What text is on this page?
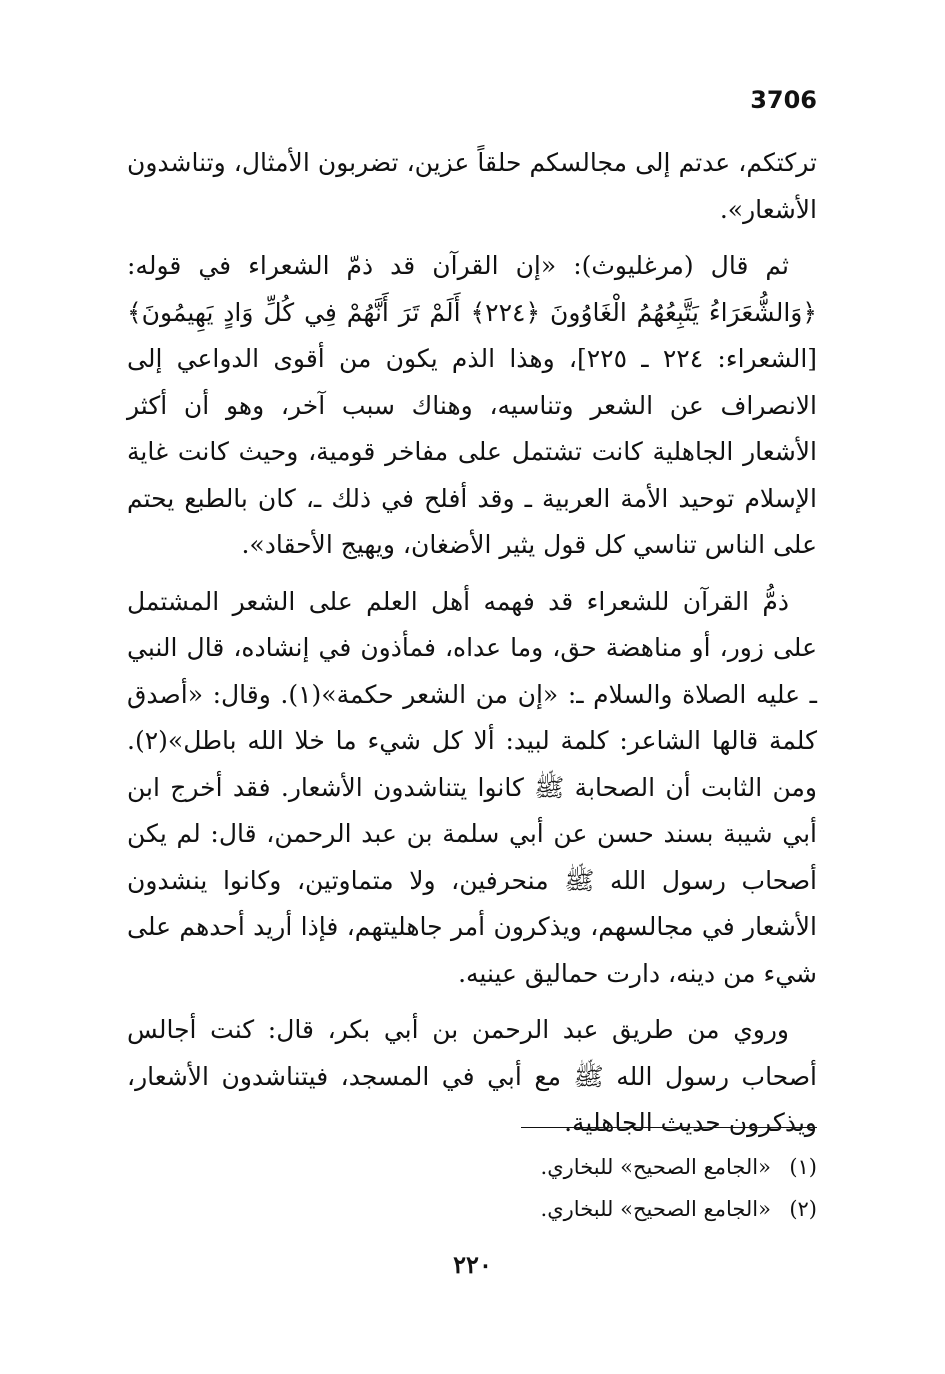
3706

تركتكم، عدتم إلى مجالسكم حلقاً عزين، تضربون الأمثال، وتناشدون الأشعار».

ثم قال (مرغليوث): «إن القرآن قد ذمّ الشعراء في قوله: ﴿وَالشُّعَرَاءُ يَتَّبِعُهُمُ الْغَاوُونَ ﴿٢٢٤﴾ أَلَمْ تَرَ أَنَّهُمْ فِي كُلِّ وَادٍ يَهِيمُونَ﴾[الشعراء: ٢٢٤ ـ ٢٢٥]، وهذا الذم يكون من أقوى الدواعي إلى الانصراف عن الشعر وتناسيه، وهناك سبب آخر، وهو أن أكثر الأشعار الجاهلية كانت تشتمل على مفاخر قومية، وحيث كانت غاية الإسلام توحيد الأمة العربية ـ وقد أفلح في ذلك ـ، كان بالطبع يحتم على الناس تناسي كل قول يثير الأضغان، ويهيج الأحقاد».

ذمُّ القرآن للشعراء قد فهمه أهل العلم على الشعر المشتمل على زور، أو مناهضة حق، وما عداه، فمأذون في إنشاده، قال النبي ـ عليه الصلاة والسلام ـ: «إن من الشعر حكمة»(١). وقال: «أصدق كلمة قالها الشاعر: كلمة لبيد: ألا كل شيء ما خلا الله باطل»(٢). ومن الثابت أن الصحابة ﷺ كانوا يتناشدون الأشعار. فقد أخرج ابن أبي شيبة بسند حسن عن أبي سلمة بن عبد الرحمن، قال: لم يكن أصحاب رسول الله ﷺ منحرفين، ولا متماوتين، وكانوا ينشدون الأشعار في مجالسهم، ويذكرون أمر جاهليتهم، فإذا أريد أحدهم على شيء من دينه، دارت حماليق عينيه.

وروي من طريق عبد الرحمن بن أبي بكر، قال: كنت أجالس أصحاب رسول الله ﷺ مع أبي في المسجد، فيتناشدون الأشعار، ويذكرون حديث الجاهلية.

(١)
«الجامع الصحيح» للبخاري.
(٢)
«الجامع الصحيح» للبخاري.
٢٢٠
